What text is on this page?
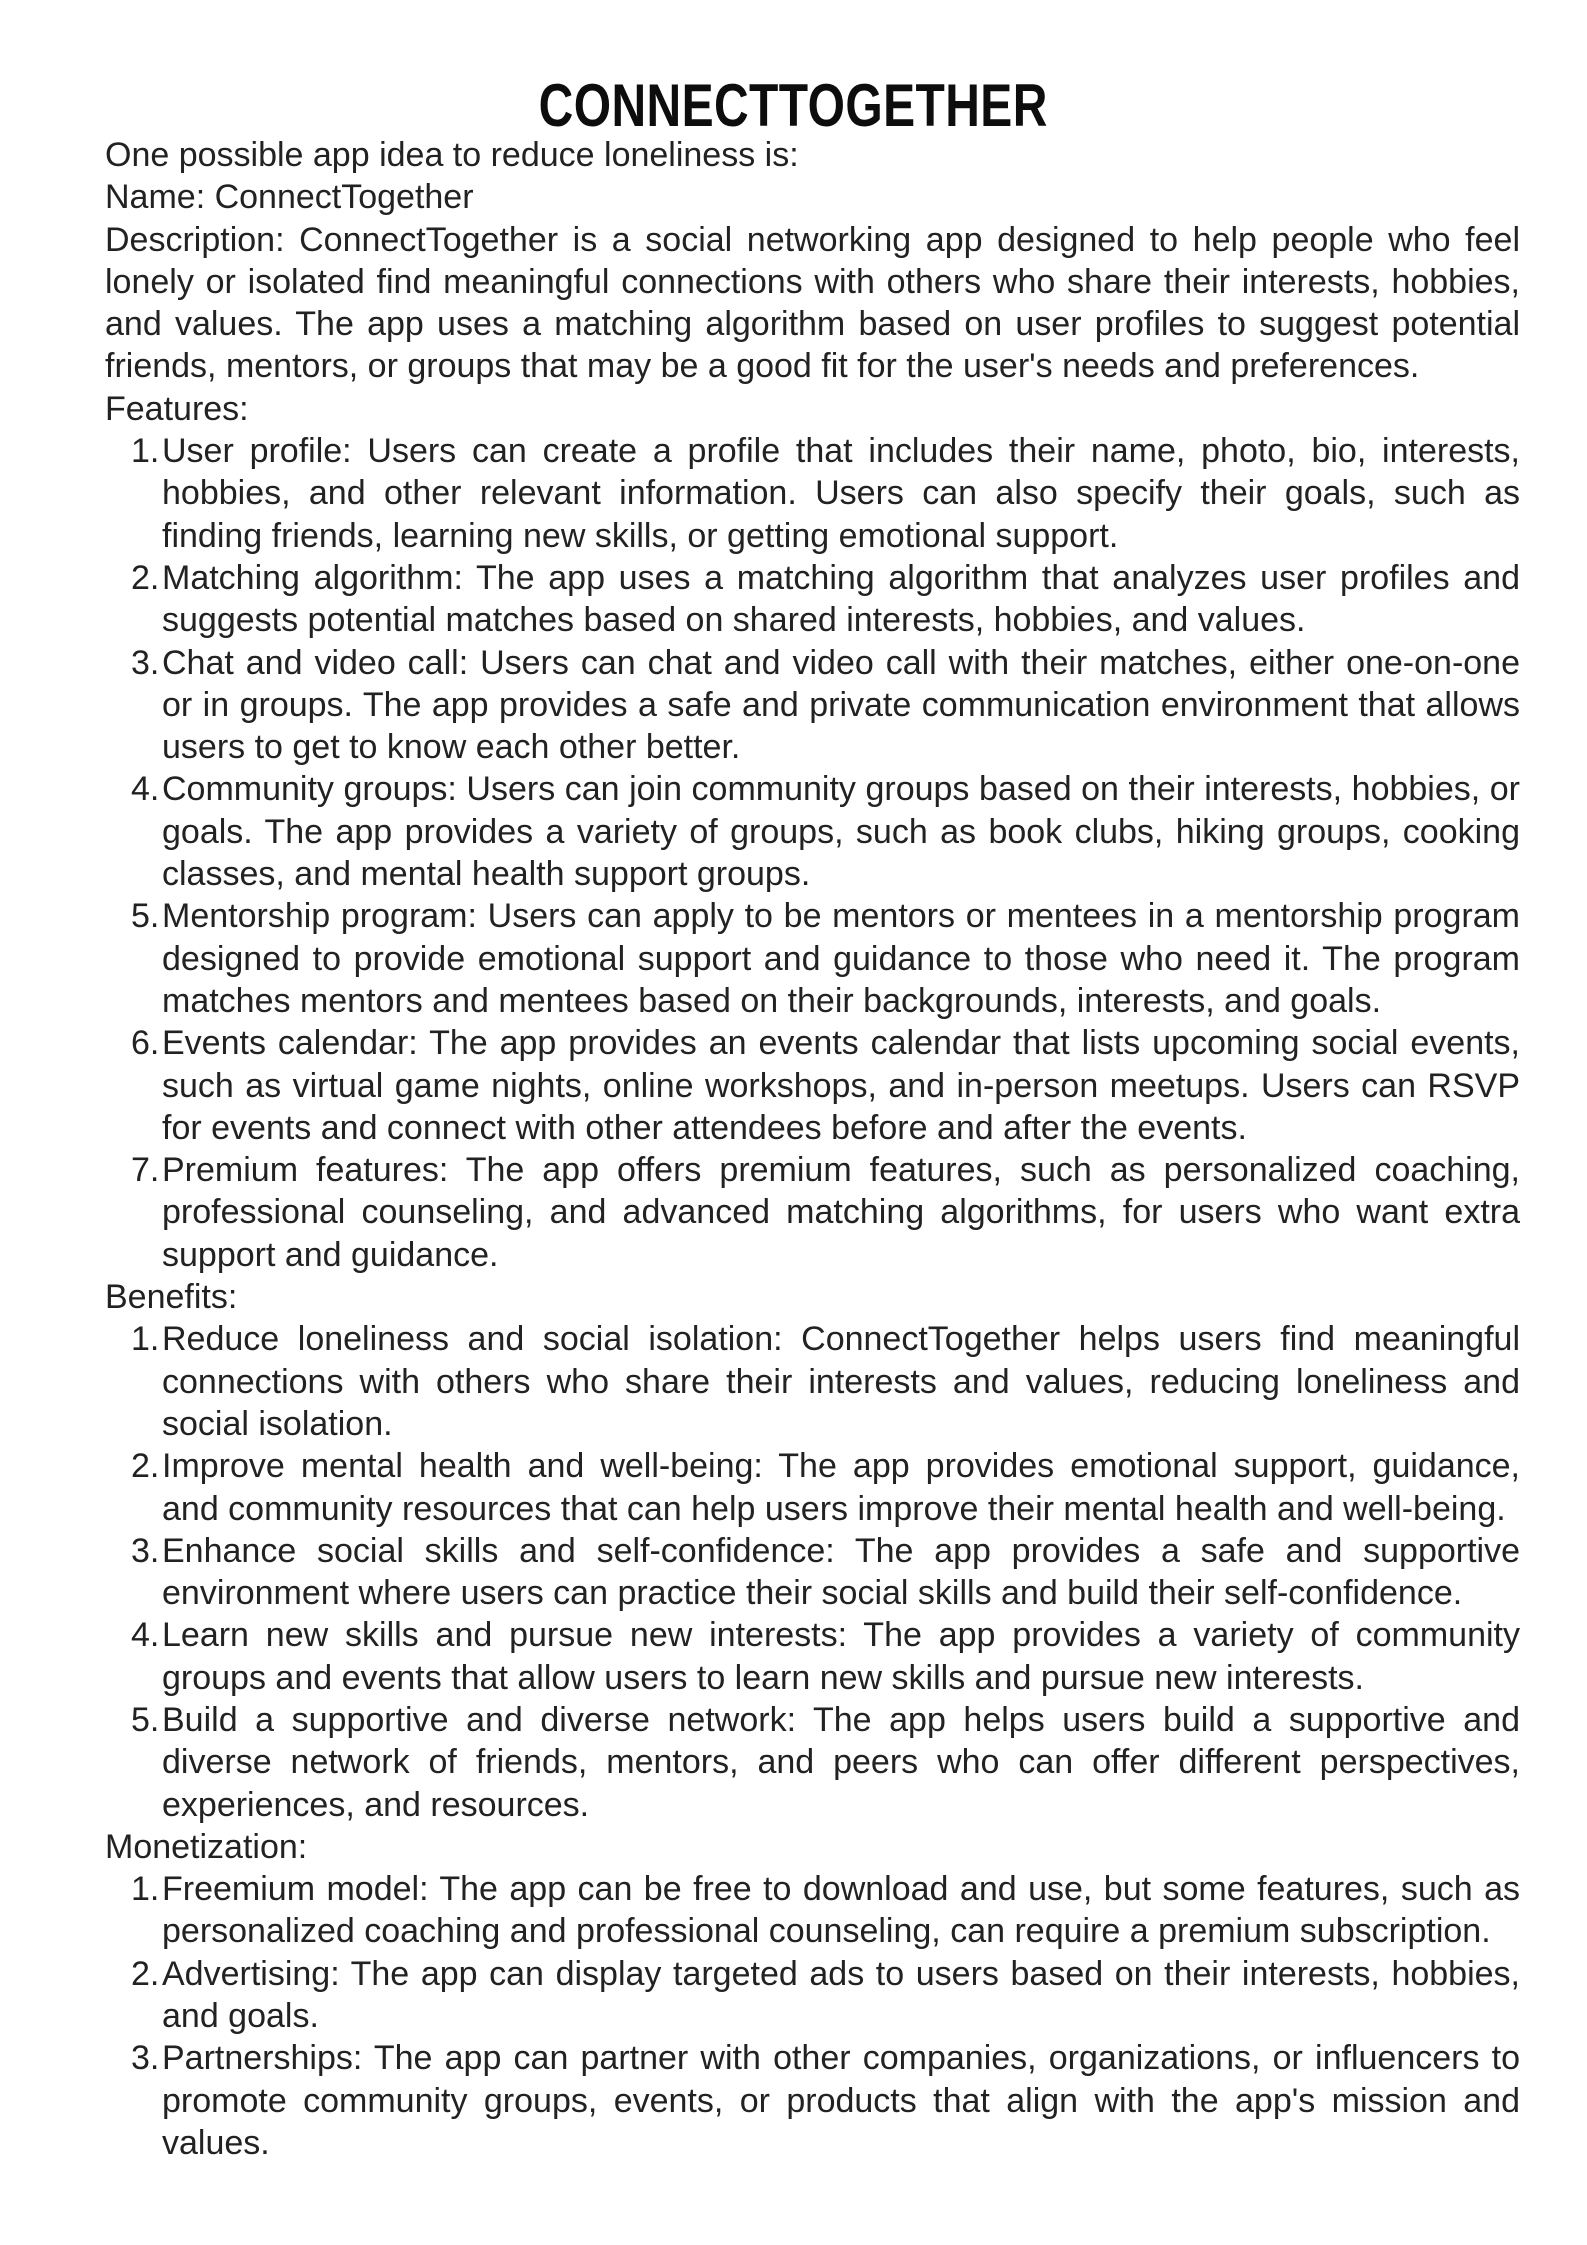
CONNECTTOGETHER

One possible app idea to reduce loneliness is:

Name: ConnectTogether

Description: ConnectTogether is a social networking app designed to help people who feel lonely or isolated find meaningful connections with others who share their interests, hobbies, and values. The app uses a matching algorithm based on user profiles to suggest potential friends, mentors, or groups that may be a good fit for the user's needs and preferences.

Features:

1. User profile: Users can create a profile that includes their name, photo, bio, interests, hobbies, and other relevant information. Users can also specify their goals, such as finding friends, learning new skills, or getting emotional support.
2. Matching algorithm: The app uses a matching algorithm that analyzes user profiles and suggests potential matches based on shared interests, hobbies, and values.
3. Chat and video call: Users can chat and video call with their matches, either one-on-one or in groups. The app provides a safe and private communication environment that allows users to get to know each other better.
4. Community groups: Users can join community groups based on their interests, hobbies, or goals. The app provides a variety of groups, such as book clubs, hiking groups, cooking classes, and mental health support groups.
5. Mentorship program: Users can apply to be mentors or mentees in a mentorship program designed to provide emotional support and guidance to those who need it. The program matches mentors and mentees based on their backgrounds, interests, and goals.
6. Events calendar: The app provides an events calendar that lists upcoming social events, such as virtual game nights, online workshops, and in-person meetups. Users can RSVP for events and connect with other attendees before and after the events.
7. Premium features: The app offers premium features, such as personalized coaching, professional counseling, and advanced matching algorithms, for users who want extra support and guidance.

Benefits:

1. Reduce loneliness and social isolation: ConnectTogether helps users find meaningful connections with others who share their interests and values, reducing loneliness and social isolation.
2. Improve mental health and well-being: The app provides emotional support, guidance, and community resources that can help users improve their mental health and well-being.
3. Enhance social skills and self-confidence: The app provides a safe and supportive environment where users can practice their social skills and build their self-confidence.
4. Learn new skills and pursue new interests: The app provides a variety of community groups and events that allow users to learn new skills and pursue new interests.
5. Build a supportive and diverse network: The app helps users build a supportive and diverse network of friends, mentors, and peers who can offer different perspectives, experiences, and resources.

Monetization:

1. Freemium model: The app can be free to download and use, but some features, such as personalized coaching and professional counseling, can require a premium subscription.
2. Advertising: The app can display targeted ads to users based on their interests, hobbies, and goals.
3. Partnerships: The app can partner with other companies, organizations, or influencers to promote community groups, events, or products that align with the app's mission and values.
